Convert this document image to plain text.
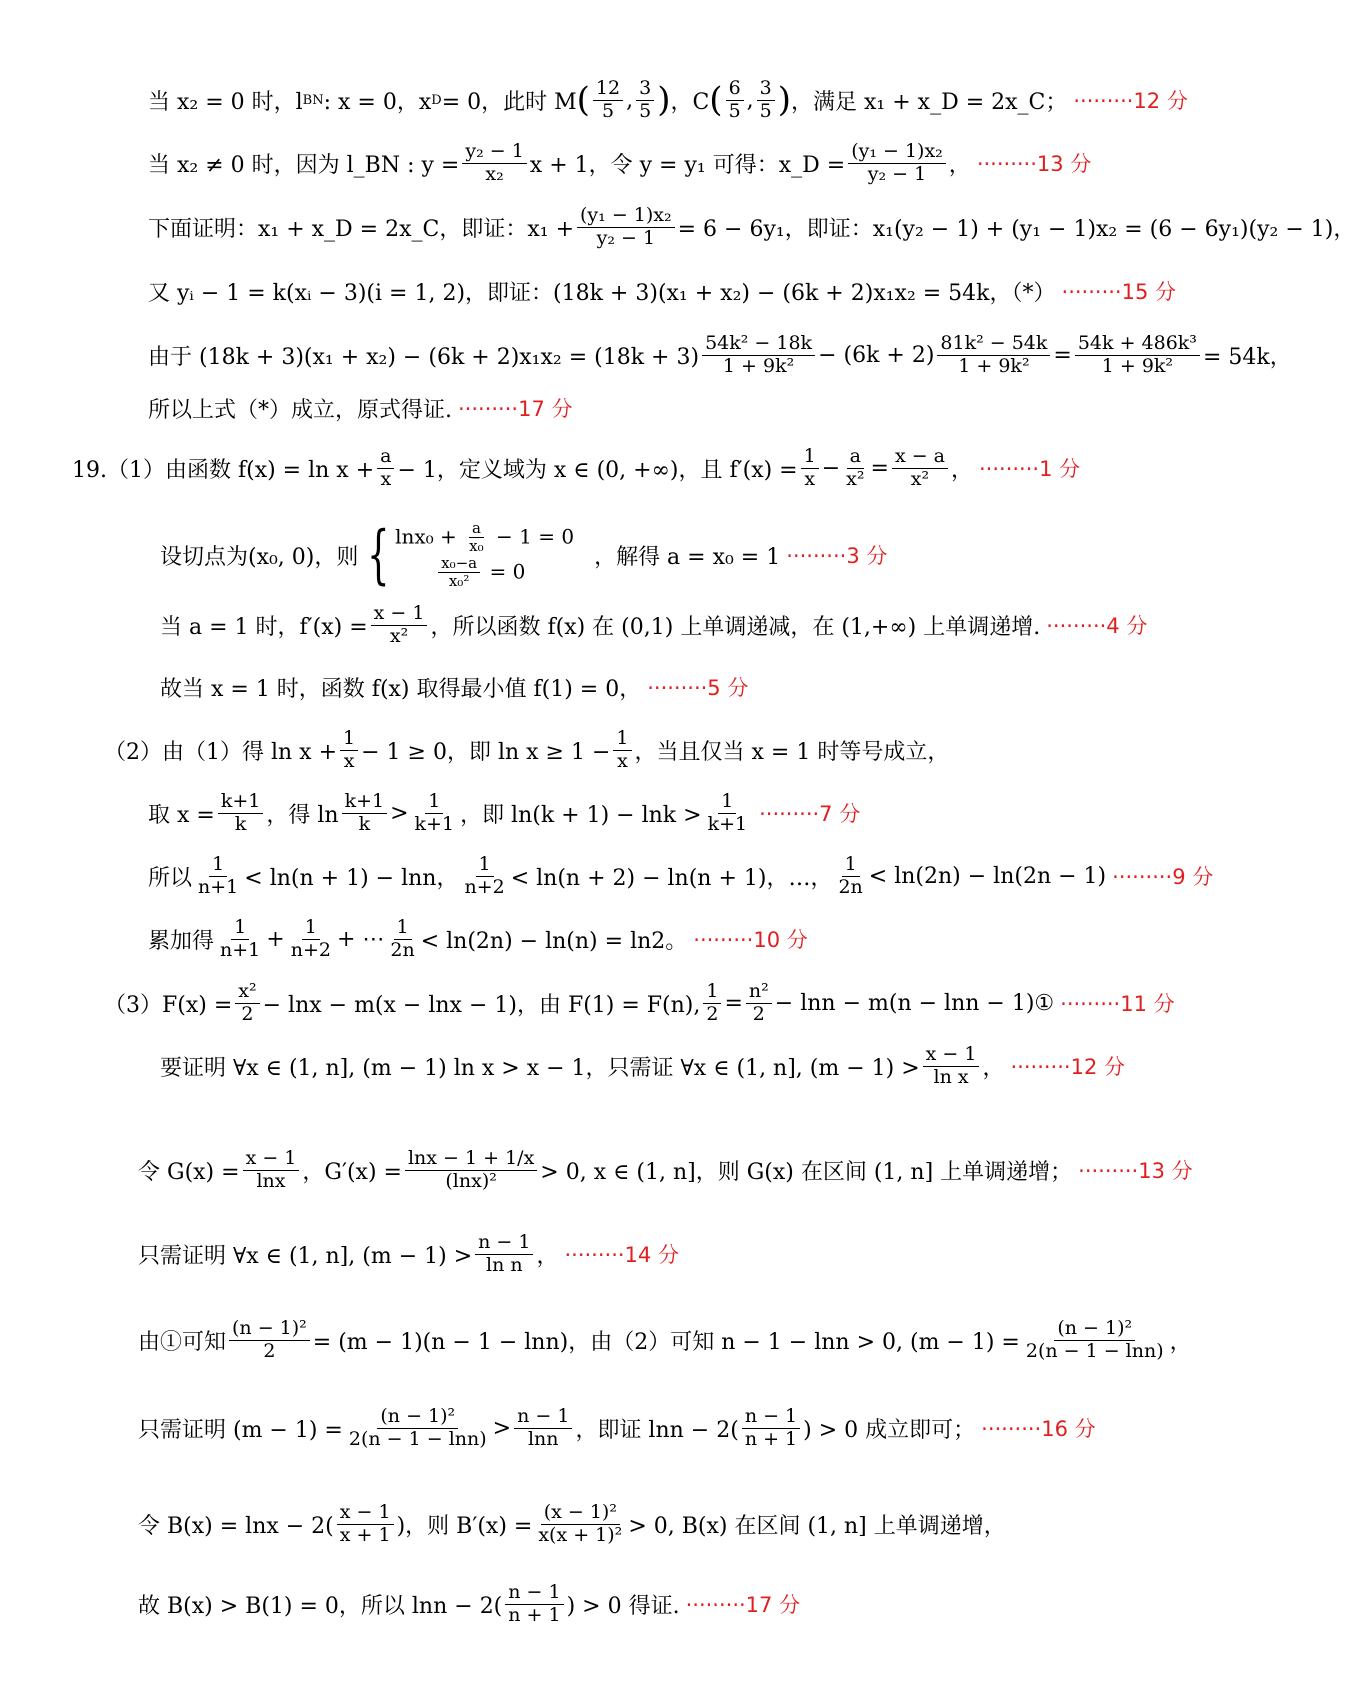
当 x₂ = 0 时，l BN : x = 0，x D = 0，此时 M ( $\frac{12}{5}$ , $\frac{3}{5}$ ) ，C ( $\frac{6}{5}$ , $\frac{3}{5}$ ) ，满足 x₁ + x_D = 2x_C； ·········12 分
当 x₂ ≠ 0 时，因为 l_BN : $y = \frac{\text{y₂ − 1}}{\text{x₂}}$ x + 1，令 y = y₁ 可得：x_D = $\frac{\text{(y₁ − 1)x₂}}{\text{y₂ − 1}}$ ， ·········13 分
下面证明：x₁ + x_D = 2x_C，即证：$x_1 + \frac{\text{(y₁ − 1)x₂}}{\text{y₂ − 1}} = 6 - 6y_1$，即证：x₁(y₂ − 1) + (y₁ − 1)x₂ = (6 − 6y₁)(y₂ − 1)，
又 yᵢ − 1 = k(xᵢ − 3)(i = 1, 2)，即证：(18k + 3)(x₁ + x₂) − (6k + 2)x₁x₂ = 54k，（*） ·········15 分
由于 $(18k + 3)(x_1 + x_2) - (6k + 2)x_1x_2 = (18k + 3) \frac{\text{54k² − 18k}}{\text{1 + 9k²}} - (6k + 2) \frac{\text{81k² − 54k}}{\text{1 + 9k²}} = \frac{\text{54k + 486k³}}{\text{1 + 9k²}} = 54k$，
所以上式（*）成立，原式得证. ·········17 分
19.（1）由函数 $f(x) = \ln x + \frac{a}{x} - 1$，定义域为 x ∈ (0, +∞)，且 $f'(x) = \frac{1}{x} - \frac{a}{\text{x²}} = \frac{x - a}{\text{x²}}$ ， ·········1 分
设切点为(x₀, 0)，则 { $\ln x_0 + \frac{a}{\text{x₀}} - 1 = 0$
$\frac{\text{x₀−a}}{\text{x₀²}} = 0$
，解得 a = x₀ = 1 ·········3 分
当 a = 1 时，$f'(x) = \frac{x - 1}{\text{x²}}$ ，所以函数 f(x) 在 (0,1) 上单调递减，在 (1,+∞) 上单调递增. ·········4 分
故当 x = 1 时，函数 f(x) 取得最小值 f(1) = 0， ·········5 分
（2）由（1）得 $\ln x + \frac{1}{x} - 1 \ge 0$，即 $\ln x \ge 1 - \frac{1}{x}$ ，当且仅当 x = 1 时等号成立，
取 $x = \frac{k+1}{k}$ ，得 $\ln \frac{k+1}{k} > \frac{1}{k+1}$ ，即 $\ln(k + 1) - \ln k > \frac{1}{k+1} \cdot\cdot\cdot\cdot\cdot\cdot\cdot\cdot\cdot 7$ 分
所以 $\frac{1}{n+1} < \ln(n + 1) - \ln n$， $\frac{1}{n+2} < \ln(n + 2) - \ln(n + 1)$，…， $\frac{1}{2n} < \ln(2n) - \ln(2n - 1) \cdot\cdot\cdot\cdot\cdot\cdot\cdot\cdot\cdot 9$ 分
累加得 $\frac{1}{n+1} + \frac{1}{n+2}$ + ⋯ $\frac{1}{2n} < \ln(2n) - \ln(n) = \ln 2$。 ·········10 分
$(3)F(x) = \frac{\text{x²}}{2} - \ln x - m(x - \ln x - 1)$，由 F(1) = F(n), $\frac{1}{2} = \frac{\text{n²}}{2} - \ln n - m(n - \ln n$ − 1)① ·········11 分
要证明 ∀x ∈ (1, n], (m − 1) ln x > x − 1，只需证 ∀x ∈ (1, n], $(m - 1) > \frac{x - 1}{\text{ln x}}$ ， ·········12 分
令 $G(x) = \frac{x - 1}{\ln x}$ ，$G'(x) = \frac{\ln x - 1 + 1/x}{\text{(lnx)²}} > 0$, x ∈ (1, n]，则 G(x) 在区间 (1, n] 上单调递增； ·········13 分
只需证明 ∀x ∈ (1, n], $(m - 1) > \frac{n - 1}{\text{ln n}}$ ， ·········14 分
由①可知 $\frac{\text{(n − 1)²}}{2} = (m - 1)(n - 1 - \ln n)$，由（2）可知 n − 1 − lnn > 0, $(m - 1) = \frac{\text{(n − 1)²}}{2(n - 1 - \ln n)}$ ，
只需证明 $(m - 1) = \frac{\text{(n − 1)²}}{2(n - 1 - \ln n)} > \frac{n - 1}{\ln n}$ ，即证 $\ln n - 2( \frac{n - 1}{n + 1}$ ) > 0 成立即可； ·········16 分
令 $B(x) = \ln x - 2( \frac{x - 1}{x + 1}$ )，则 $B'(x) = \frac{\text{(x − 1)²}}{\text{x(x + 1)²}} > 0$, B(x) 在区间 (1, n] 上单调递增，
故 B(x) > B(1) = 0，所以 $\ln n - 2( \frac{n - 1}{n + 1}$ ) > 0 得证. ·········17 分
